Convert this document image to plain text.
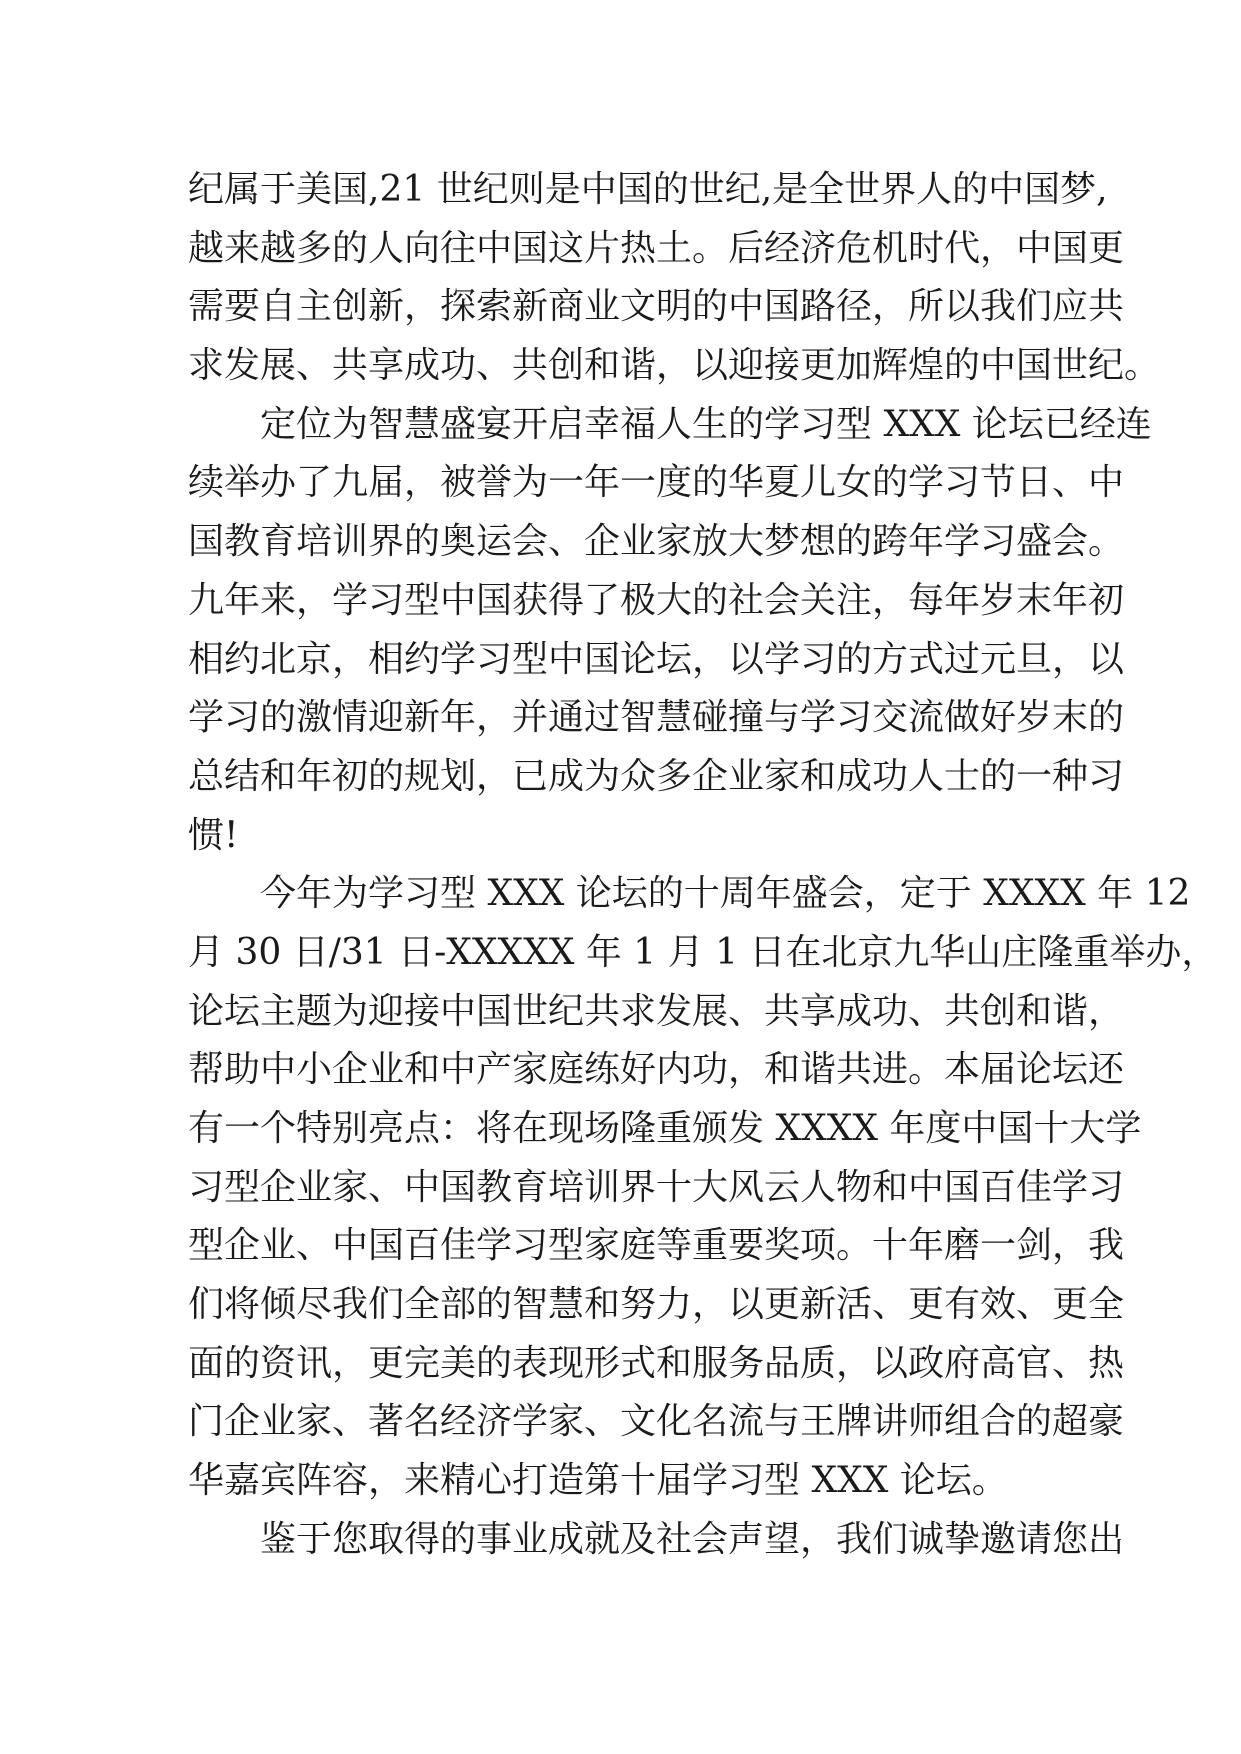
纪属于美国,21 世纪则是中国的世纪,是全世界人的中国梦,
越来越多的人向往中国这片热土。后经济危机时代，中国更
需要自主创新，探索新商业文明的中国路径，所以我们应共
求发展、共享成功、共创和谐，以迎接更加辉煌的中国世纪。
定位为智慧盛宴开启幸福人生的学习型 XXX 论坛已经连
续举办了九届，被誉为一年一度的华夏儿女的学习节日、中
国教育培训界的奥运会、企业家放大梦想的跨年学习盛会。
九年来，学习型中国获得了极大的社会关注，每年岁末年初
相约北京，相约学习型中国论坛，以学习的方式过元旦，以
学习的激情迎新年，并通过智慧碰撞与学习交流做好岁末的
总结和年初的规划，已成为众多企业家和成功人士的一种习
惯!
今年为学习型 XXX 论坛的十周年盛会，定于 XXXX 年 12
月 30 日/31 日-XXXXX 年 1 月 1 日在北京九华山庄隆重举办，
论坛主题为迎接中国世纪共求发展、共享成功、共创和谐，
帮助中小企业和中产家庭练好内功，和谐共进。本届论坛还
有一个特别亮点：将在现场隆重颁发 XXXX 年度中国十大学
习型企业家、中国教育培训界十大风云人物和中国百佳学习
型企业、中国百佳学习型家庭等重要奖项。十年磨一剑，我
们将倾尽我们全部的智慧和努力，以更新活、更有效、更全
面的资讯，更完美的表现形式和服务品质，以政府高官、热
门企业家、著名经济学家、文化名流与王牌讲师组合的超豪
华嘉宾阵容，来精心打造第十届学习型 XXX 论坛。
鉴于您取得的事业成就及社会声望，我们诚挚邀请您出
